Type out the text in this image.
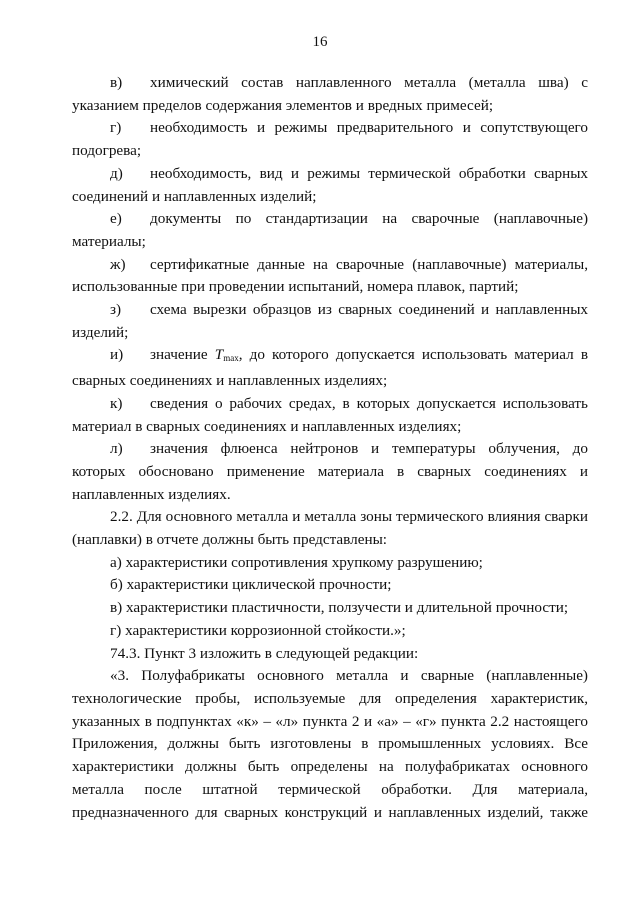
16

в) химический состав наплавленного металла (металла шва) с указанием пределов содержания элементов и вредных примесей;

г) необходимость и режимы предварительного и сопутствующего подогрева;

д) необходимость, вид и режимы термической обработки сварных соединений и наплавленных изделий;

е) документы по стандартизации на сварочные (наплавочные) материалы;

ж) сертификатные данные на сварочные (наплавочные) материалы, использованные при проведении испытаний, номера плавок, партий;

з) схема вырезки образцов из сварных соединений и наплавленных изделий;

и) значение $T_{max}$, до которого допускается использовать материал в сварных соединениях и наплавленных изделиях;

к) сведения о рабочих средах, в которых допускается использовать материал в сварных соединениях и наплавленных изделиях;

л) значения флюенса нейтронов и температуры облучения, до которых обосновано применение материала в сварных соединениях и наплавленных изделиях.

2.2. Для основного металла и металла зоны термического влияния сварки (наплавки) в отчете должны быть представлены:

а) характеристики сопротивления хрупкому разрушению;

б) характеристики циклической прочности;

в) характеристики пластичности, ползучести и длительной прочности;

г) характеристики коррозионной стойкости.»;

74.3. Пункт 3 изложить в следующей редакции:

«3. Полуфабрикаты основного металла и сварные (наплавленные) технологические пробы, используемые для определения характеристик, указанных в подпунктах «к» – «л» пункта 2 и «а» – «г» пункта 2.2 настоящего Приложения, должны быть изготовлены в промышленных условиях. Все характеристики должны быть определены на полуфабрикатах основного металла после штатной термической обработки. Для материала, предназначенного для сварных конструкций и наплавленных изделий, также
